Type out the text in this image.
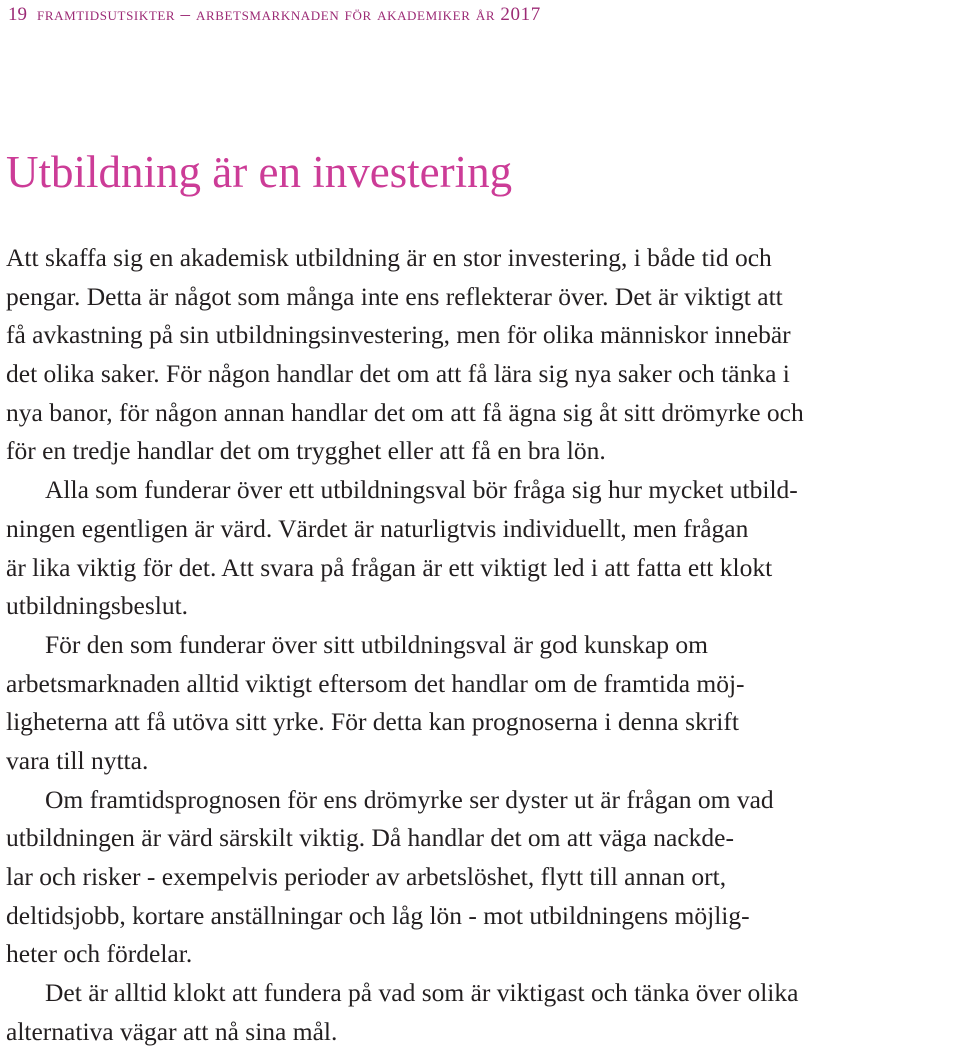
19 framtidsutsikter – arbetsmarknaden för akademiker år 2017
Utbildning är en investering

Att skaffa sig en akademisk utbildning är en stor investering, i både tid och
pengar. Detta är något som många inte ens reflekterar över. Det är viktigt att
få avkastning på sin utbildningsinvestering, men för olika människor innebär
det olika saker. För någon handlar det om att få lära sig nya saker och tänka i
nya banor, för någon annan handlar det om att få ägna sig åt sitt drömyrke och
för en tredje handlar det om trygghet eller att få en bra lön.

Alla som funderar över ett utbildningsval bör fråga sig hur mycket utbild-
ningen egentligen är värd. Värdet är naturligtvis individuellt, men frågan
är lika viktig för det. Att svara på frågan är ett viktigt led i att fatta ett klokt
utbildningsbeslut.

För den som funderar över sitt utbildningsval är god kunskap om
arbetsmarknaden alltid viktigt eftersom det handlar om de framtida möj-
ligheterna att få utöva sitt yrke. För detta kan prognoserna i denna skrift
vara till nytta.

Om framtidsprognosen för ens drömyrke ser dyster ut är frågan om vad
utbildningen är värd särskilt viktig. Då handlar det om att väga nackde-
lar och risker - exempelvis perioder av arbetslöshet, flytt till annan ort,
deltidsjobb, kortare anställningar och låg lön - mot utbildningens möjlig-
heter och fördelar.

Det är alltid klokt att fundera på vad som är viktigast och tänka över olika
alternativa vägar att nå sina mål.
